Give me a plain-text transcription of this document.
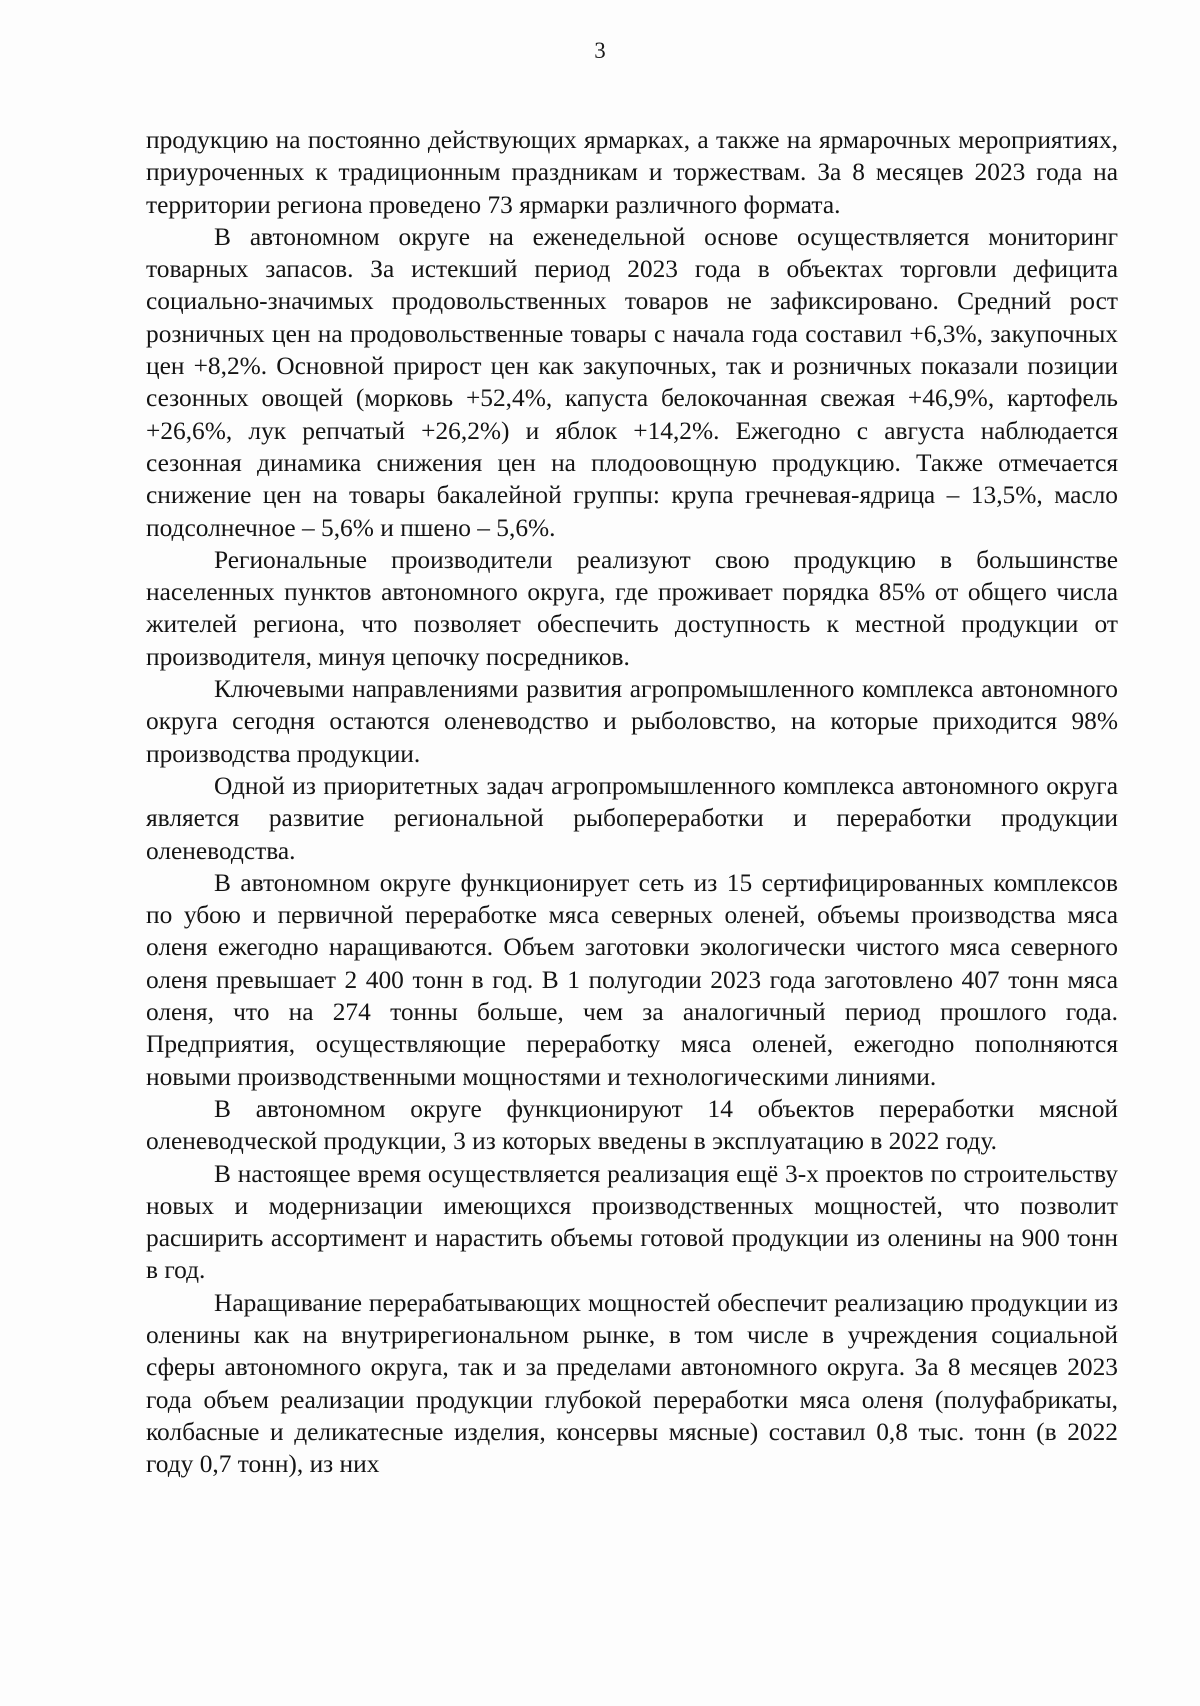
3

продукцию на постоянно действующих ярмарках, а также на ярмарочных мероприятиях, приуроченных к традиционным праздникам и торжествам. За 8 месяцев 2023 года на территории региона проведено 73 ярмарки различного формата.

В автономном округе на еженедельной основе осуществляется мониторинг товарных запасов. За истекший период 2023 года в объектах торговли дефицита социально-значимых продовольственных товаров не зафиксировано. Средний рост розничных цен на продовольственные товары с начала года составил +6,3%, закупочных цен +8,2%. Основной прирост цен как закупочных, так и розничных показали позиции сезонных овощей (морковь +52,4%, капуста белокочанная свежая +46,9%, картофель +26,6%, лук репчатый +26,2%) и яблок +14,2%. Ежегодно с августа наблюдается сезонная динамика снижения цен на плодоовощную продукцию. Также отмечается снижение цен на товары бакалейной группы: крупа гречневая-ядрица – 13,5%, масло подсолнечное – 5,6% и пшено – 5,6%.

Региональные производители реализуют свою продукцию в большинстве населенных пунктов автономного округа, где проживает порядка 85% от общего числа жителей региона, что позволяет обеспечить доступность к местной продукции от производителя, минуя цепочку посредников.

Ключевыми направлениями развития агропромышленного комплекса автономного округа сегодня остаются оленеводство и рыболовство, на которые приходится 98% производства продукции.

Одной из приоритетных задач агропромышленного комплекса автономного округа является развитие региональной рыбопереработки и переработки продукции оленеводства.

В автономном округе функционирует сеть из 15 сертифицированных комплексов по убою и первичной переработке мяса северных оленей, объемы производства мяса оленя ежегодно наращиваются. Объем заготовки экологически чистого мяса северного оленя превышает 2 400 тонн в год. В 1 полугодии 2023 года заготовлено 407 тонн мяса оленя, что на 274 тонны больше, чем за аналогичный период прошлого года. Предприятия, осуществляющие переработку мяса оленей, ежегодно пополняются новыми производственными мощностями и технологическими линиями.

В автономном округе функционируют 14 объектов переработки мясной оленеводческой продукции, 3 из которых введены в эксплуатацию в 2022 году.

В настоящее время осуществляется реализация ещё 3-х проектов по строительству новых и модернизации имеющихся производственных мощностей, что позволит расширить ассортимент и нарастить объемы готовой продукции из оленины на 900 тонн в год.

Наращивание перерабатывающих мощностей обеспечит реализацию продукции из оленины как на внутрирегиональном рынке, в том числе в учреждения социальной сферы автономного округа, так и за пределами автономного округа. За 8 месяцев 2023 года объем реализации продукции глубокой переработки мяса оленя (полуфабрикаты, колбасные и деликатесные изделия, консервы мясные) составил 0,8 тыс. тонн (в 2022 году 0,7 тонн), из них
